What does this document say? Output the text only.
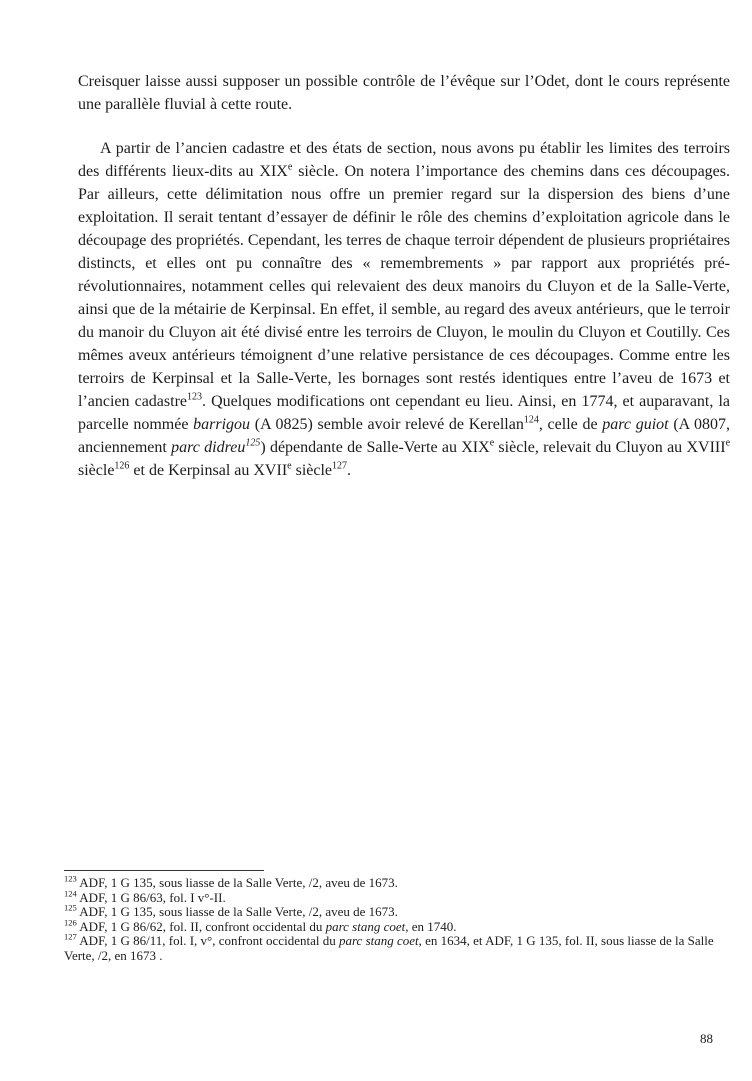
Creisquer laisse aussi supposer un possible contrôle de l’évêque sur l’Odet, dont le cours représente une parallèle fluvial à cette route.

A partir de l’ancien cadastre et des états de section, nous avons pu établir les limites des terroirs des différents lieux-dits au XIXe siècle. On notera l’importance des chemins dans ces découpages. Par ailleurs, cette délimitation nous offre un premier regard sur la dispersion des biens d’une exploitation. Il serait tentant d’essayer de définir le rôle des chemins d’exploitation agricole dans le découpage des propriétés. Cependant, les terres de chaque terroir dépendent de plusieurs propriétaires distincts, et elles ont pu connaître des « remembrements » par rapport aux propriétés pré-révolutionnaires, notamment celles qui relevaient des deux manoirs du Cluyon et de la Salle-Verte, ainsi que de la métairie de Kerpinsal. En effet, il semble, au regard des aveux antérieurs, que le terroir du manoir du Cluyon ait été divisé entre les terroirs de Cluyon, le moulin du Cluyon et Coutilly. Ces mêmes aveux antérieurs témoignent d’une relative persistance de ces découpages. Comme entre les terroirs de Kerpinsal et la Salle-Verte, les bornages sont restés identiques entre l’aveu de 1673 et l’ancien cadastre$^{123}$. Quelques modifications ont cependant eu lieu. Ainsi, en 1774, et auparavant, la parcelle nommée barrigou (A 0825) semble avoir relevé de Kerellan$^{124}$, celle de parc guiot (A 0807, anciennement parc didreu$^{125}$) dépendante de Salle-Verte au XIXe siècle, relevait du Cluyon au XVIIIe siècle$^{126}$ et de Kerpinsal au XVIIe siècle$^{127}$.

$^{123}$ ADF, 1 G 135, sous liasse de la Salle Verte, /2, aveu de 1673.

$^{124}$ ADF, 1 G 86/63, fol. I v°-II.

$^{125}$ ADF, 1 G 135, sous liasse de la Salle Verte, /2, aveu de 1673.

$^{126}$ ADF, 1 G 86/62, fol. II, confront occidental du parc stang coet, en 1740.

$^{127}$ ADF, 1 G 86/11, fol. I, v°, confront occidental du parc stang coet, en 1634, et ADF, 1 G 135, fol. II, sous liasse de la Salle Verte, /2, en 1673 .

88
